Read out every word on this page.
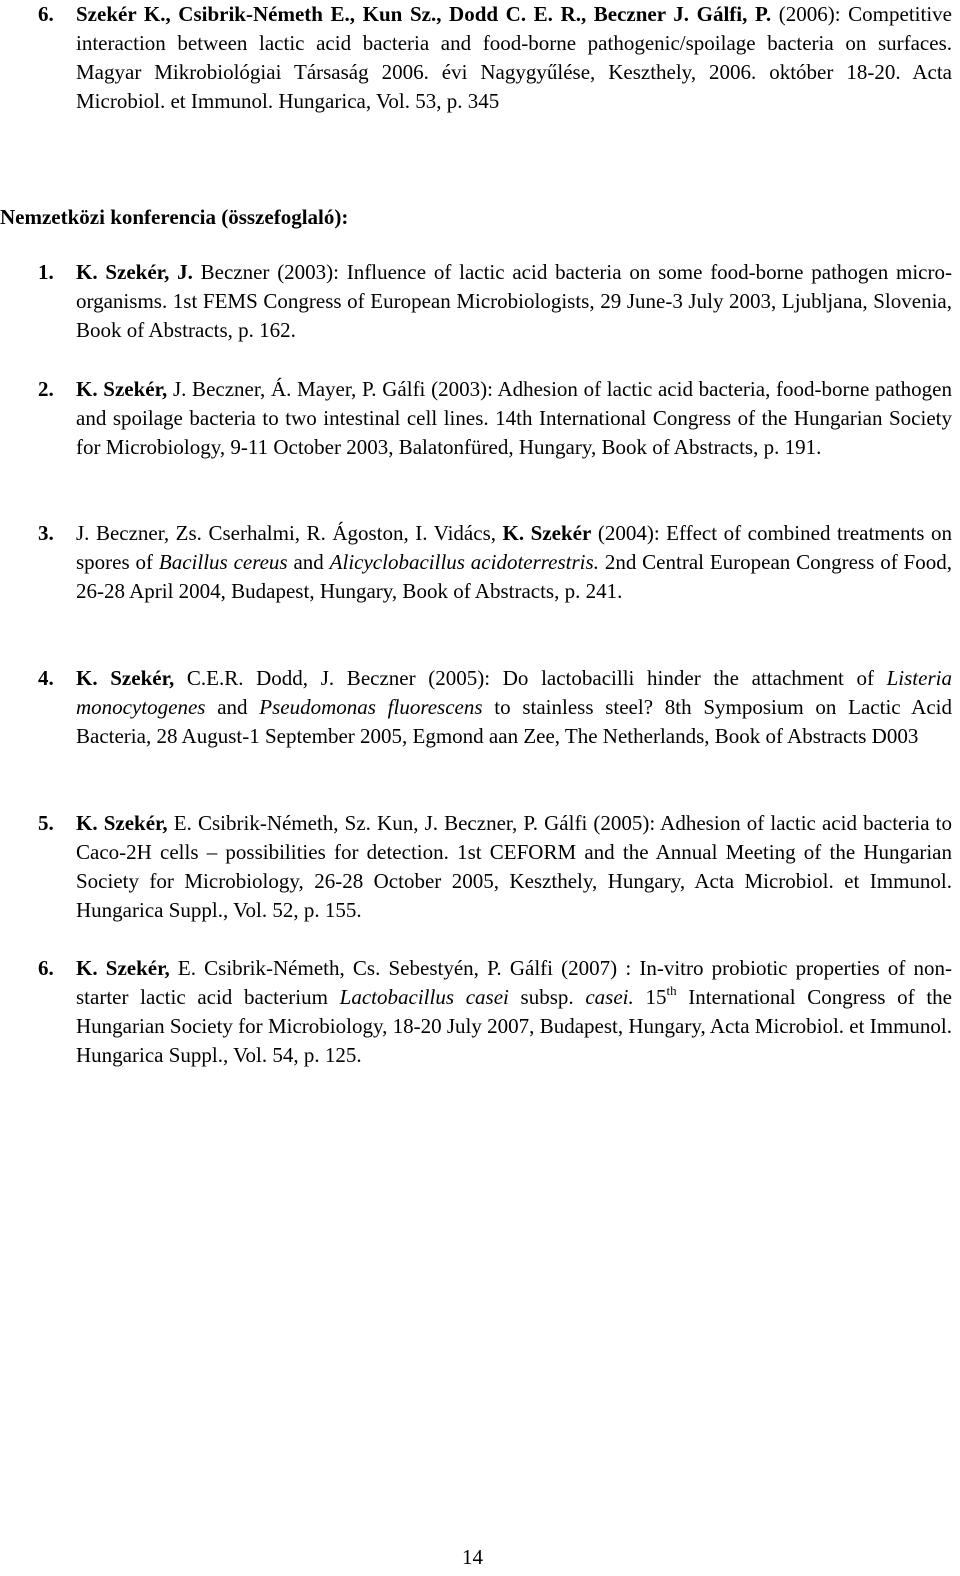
6.	Szekér K., Csibrik-Németh E., Kun Sz., Dodd C. E. R., Beczner J. Gálfi, P. (2006): Competitive interaction between lactic acid bacteria and food-borne pathogenic/spoilage bacteria on surfaces. Magyar Mikrobiológiai Társaság 2006. évi Nagygyűlése, Keszthely, 2006. október 18-20. Acta Microbiol. et Immunol. Hungarica, Vol. 53, p. 345
Nemzetközi konferencia (összefoglaló):
1.	K. Szekér, J. Beczner (2003): Influence of lactic acid bacteria on some food-borne pathogen micro-organisms. 1st FEMS Congress of European Microbiologists, 29 June-3 July 2003, Ljubljana, Slovenia, Book of Abstracts, p. 162.
2.	K. Szekér, J. Beczner, Á. Mayer, P. Gálfi (2003): Adhesion of lactic acid bacteria, food-borne pathogen and spoilage bacteria to two intestinal cell lines. 14th International Congress of the Hungarian Society for Microbiology, 9-11 October 2003, Balatonfüred, Hungary, Book of Abstracts, p. 191.
3.	J. Beczner, Zs. Cserhalmi, R. Ágoston, I. Vidács, K. Szekér (2004): Effect of combined treatments on spores of Bacillus cereus and Alicyclobacillus acidoterrestris. 2nd Central European Congress of Food, 26-28 April 2004, Budapest, Hungary, Book of Abstracts, p. 241.
4.	K. Szekér, C.E.R. Dodd, J. Beczner (2005): Do lactobacilli hinder the attachment of Listeria monocytogenes and Pseudomonas fluorescens to stainless steel? 8th Symposium on Lactic Acid Bacteria, 28 August-1 September 2005, Egmond aan Zee, The Netherlands, Book of Abstracts D003
5.	K. Szekér, E. Csibrik-Németh, Sz. Kun, J. Beczner, P. Gálfi (2005): Adhesion of lactic acid bacteria to Caco-2H cells – possibilities for detection. 1st CEFORM and the Annual Meeting of the Hungarian Society for Microbiology, 26-28 October 2005, Keszthely, Hungary, Acta Microbiol. et Immunol. Hungarica Suppl., Vol. 52, p. 155.
6.	K. Szekér, E. Csibrik-Németh, Cs. Sebestyén, P. Gálfi (2007) : In-vitro probiotic properties of non-starter lactic acid bacterium Lactobacillus casei subsp. casei. 15th International Congress of the Hungarian Society for Microbiology, 18-20 July 2007, Budapest, Hungary, Acta Microbiol. et Immunol. Hungarica Suppl., Vol. 54, p. 125.
14
